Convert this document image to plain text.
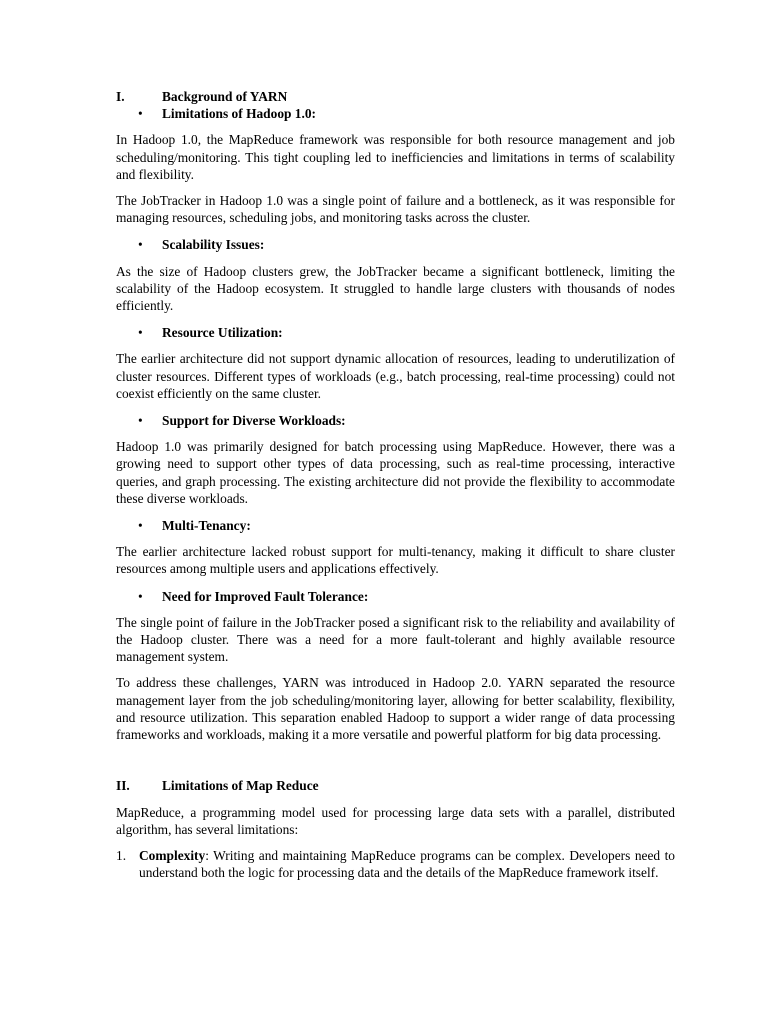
I.	Background of YARN
•	Limitations of Hadoop 1.0:

In Hadoop 1.0, the MapReduce framework was responsible for both resource management and job scheduling/monitoring. This tight coupling led to inefficiencies and limitations in terms of scalability and flexibility.

The JobTracker in Hadoop 1.0 was a single point of failure and a bottleneck, as it was responsible for managing resources, scheduling jobs, and monitoring tasks across the cluster.

•	Scalability Issues:

As the size of Hadoop clusters grew, the JobTracker became a significant bottleneck, limiting the scalability of the Hadoop ecosystem. It struggled to handle large clusters with thousands of nodes efficiently.

•	Resource Utilization:

The earlier architecture did not support dynamic allocation of resources, leading to underutilization of cluster resources. Different types of workloads (e.g., batch processing, real-time processing) could not coexist efficiently on the same cluster.

•	Support for Diverse Workloads:

Hadoop 1.0 was primarily designed for batch processing using MapReduce. However, there was a growing need to support other types of data processing, such as real-time processing, interactive queries, and graph processing. The existing architecture did not provide the flexibility to accommodate these diverse workloads.

•	Multi-Tenancy:

The earlier architecture lacked robust support for multi-tenancy, making it difficult to share cluster resources among multiple users and applications effectively.

•	Need for Improved Fault Tolerance:

The single point of failure in the JobTracker posed a significant risk to the reliability and availability of the Hadoop cluster. There was a need for a more fault-tolerant and highly available resource management system.

To address these challenges, YARN was introduced in Hadoop 2.0. YARN separated the resource management layer from the job scheduling/monitoring layer, allowing for better scalability, flexibility, and resource utilization. This separation enabled Hadoop to support a wider range of data processing frameworks and workloads, making it a more versatile and powerful platform for big data processing.

II.	Limitations of Map Reduce

MapReduce, a programming model used for processing large data sets with a parallel, distributed algorithm, has several limitations:

1. Complexity: Writing and maintaining MapReduce programs can be complex. Developers need to understand both the logic for processing data and the details of the MapReduce framework itself.
